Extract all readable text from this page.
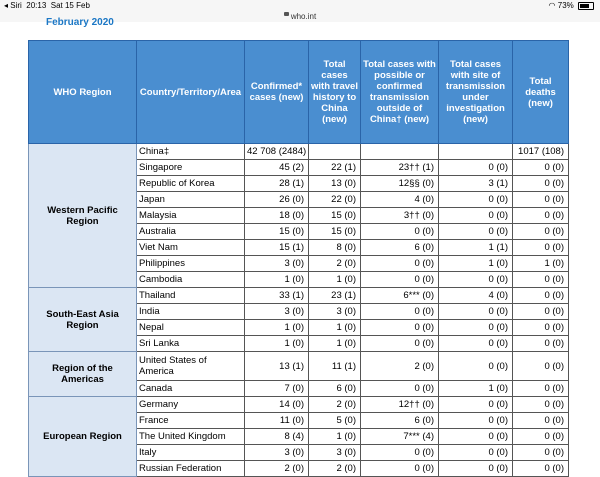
◂ Siri 20:13 Sat 15 Feb	◠ 73%
who.int
February 2020
WHO Region	Country/Territory/Area	Confirmed* cases (new)	Total cases with travel history to China (new)	Total cases with possible or confirmed transmission outside of China† (new)	Total cases with site of transmission under investigation (new)	Total deaths (new)
Western Pacific Region	China‡	42 708 (2484)				1017 (108)
	Singapore	45 (2)	22 (1)	23†† (1)	0 (0)	0 (0)
	Republic of Korea	28 (1)	13 (0)	12§§ (0)	3 (1)	0 (0)
	Japan	26 (0)	22 (0)	4 (0)	0 (0)	0 (0)
	Malaysia	18 (0)	15 (0)	3†† (0)	0 (0)	0 (0)
	Australia	15 (0)	15 (0)	0 (0)	0 (0)	0 (0)
	Viet Nam	15 (1)	8 (0)	6 (0)	1 (1)	0 (0)
	Philippines	3 (0)	2 (0)	0 (0)	1 (0)	1 (0)
	Cambodia	1 (0)	1 (0)	0 (0)	0 (0)	0 (0)
South-East Asia Region	Thailand	33 (1)	23 (1)	6*** (0)	4 (0)	0 (0)
	India	3 (0)	3 (0)	0 (0)	0 (0)	0 (0)
	Nepal	1 (0)	1 (0)	0 (0)	0 (0)	0 (0)
	Sri Lanka	1 (0)	1 (0)	0 (0)	0 (0)	0 (0)
Region of the Americas	United States of America	13 (1)	11 (1)	2 (0)	0 (0)	0 (0)
	Canada	7 (0)	6 (0)	0 (0)	1 (0)	0 (0)
European Region	Germany	14 (0)	2 (0)	12†† (0)	0 (0)	0 (0)
	France	11 (0)	5 (0)	6 (0)	0 (0)	0 (0)
	The United Kingdom	8 (4)	1 (0)	7*** (4)	0 (0)	0 (0)
	Italy	3 (0)	3 (0)	0 (0)	0 (0)	0 (0)
	Russian Federation	2 (0)	2 (0)	0 (0)	0 (0)	0 (0)
